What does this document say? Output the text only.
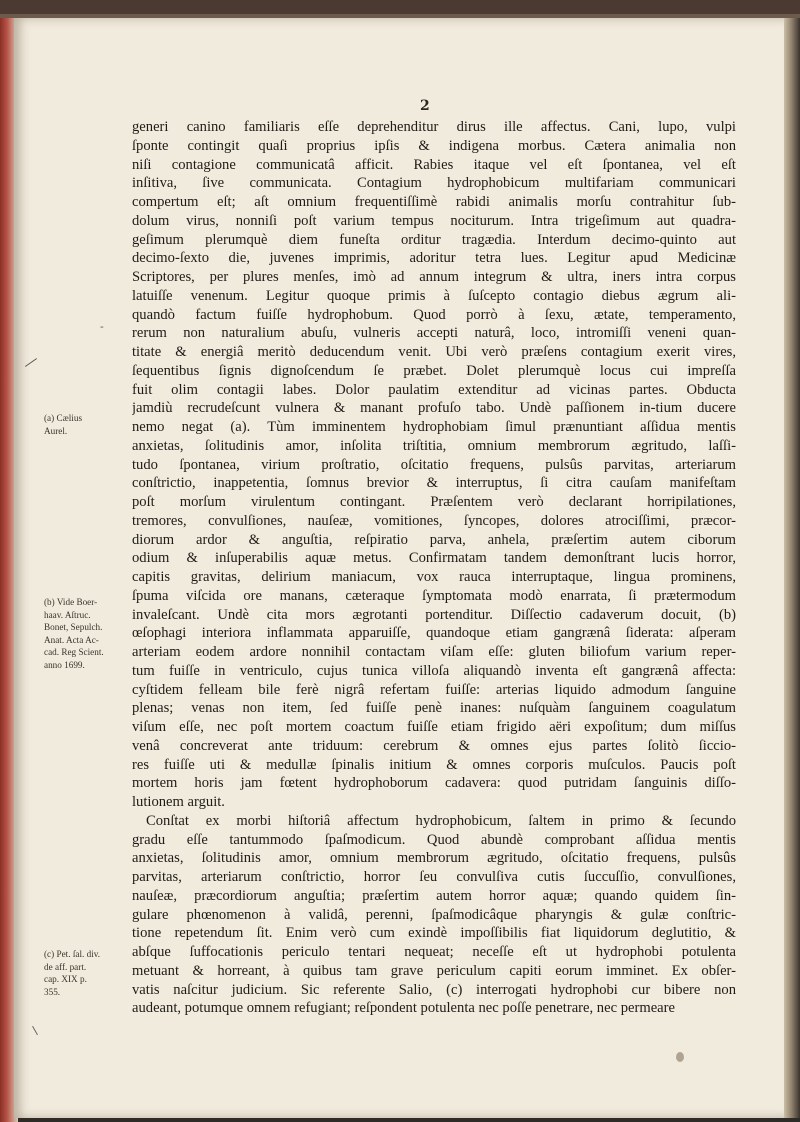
2
generi canino familiaris eſſe deprehenditur dirus ille affectus. Cani, lupo, vulpi
ſponte contingit quaſi proprius ipſis & indigena morbus. Cætera animalia non
niſi contagione communicatâ afficit. Rabies itaque vel eſt ſpontanea, vel eſt
inſitiva, ſive communicata. Contagium hydrophobicum multifariam communicari
compertum eſt; aſt omnium frequentiſſimè rabidi animalis morſu contrahitur ſub-
dolum virus, nonniſi poſt varium tempus nociturum. Intra trigeſimum aut quadra-
geſimum plerumquè diem funeſta orditur tragædia. Interdum decimo-quinto aut
decimo-ſexto die, juvenes imprimis, adoritur tetra lues. Legitur apud Medicinæ
Scriptores, per plures menſes, imò ad annum integrum & ultra, iners intra corpus
latuiſſe venenum. Legitur quoque primis à ſuſcepto contagio diebus ægrum ali-
quandò factum fuiſſe hydrophobum. Quod porrò à ſexu, ætate, temperamento,
rerum non naturalium abuſu, vulneris accepti naturâ, loco, intromiſſi veneni quan-
titate & energiâ meritò deducendum venit. Ubi verò præſens contagium exerit vires,
ſequentibus ſignis dignoſcendum ſe præbet. Dolet plerumquè locus cui impreſſa
fuit olim contagii labes. Dolor paulatim extenditur ad vicinas partes. Obducta
jamdiù recrudeſcunt vulnera & manant profuſo tabo. Undè paſſionem in-tium ducere
nemo negat (a). Tùm imminentem hydrophobiam ſimul prænuntiant aſſidua mentis
anxietas, ſolitudinis amor, inſolita triſtitia, omnium membrorum ægritudo, laſſi-
tudo ſpontanea, virium proſtratio, oſcitatio frequens, pulsûs parvitas, arteriarum
conſtrictio, inappetentia, ſomnus brevior & interruptus, ſi citra cauſam manifeſtam
poſt morſum virulentum contingant. Præſentem verò declarant horripilationes,
tremores, convulſiones, nauſeæ, vomitiones, ſyncopes, dolores atrociſſimi, præcor-
diorum ardor & anguſtia, reſpiratio parva, anhela, præſertim autem ciborum
odium & inſuperabilis aquæ metus. Confirmatam tandem demonſtrant lucis horror,
capitis gravitas, delirium maniacum, vox rauca interruptaque, lingua prominens,
ſpuma viſcida ore manans, cæteraque ſymptomata modò enarrata, ſi prætermodum
invaleſcant. Undè cita mors ægrotanti portenditur. Diſſectio cadaverum docuit, (b)
œſophagi interiora inflammata apparuiſſe, quandoque etiam gangrænâ ſiderata: aſperam
arteriam eodem ardore nonnihil contactam viſam eſſe: gluten biliofum varium reper-
tum fuiſſe in ventriculo, cujus tunica villoſa aliquandò inventa eſt gangrænâ affecta:
cyſtidem felleam bile ferè nigrâ refertam fuiſſe: arterias liquido admodum ſanguine
plenas; venas non item, ſed fuiſſe penè inanes: nuſquàm ſanguinem coagulatum
viſum eſſe, nec poſt mortem coactum fuiſſe etiam frigido aëri expoſitum; dum miſſus
venâ concreverat ante triduum: cerebrum & omnes ejus partes ſolitò ſiccio-
res fuiſſe uti & medullæ ſpinalis initium & omnes corporis muſculos. Paucis poſt
mortem horis jam fœtent hydrophoborum cadavera: quod putridam ſanguinis diſſo-
lutionem arguit.
Conſtat ex morbi hiſtoriâ affectum hydrophobicum, ſaltem in primo & ſecundo
gradu eſſe tantummodo ſpaſmodicum. Quod abundè comprobant aſſidua mentis
anxietas, ſolitudinis amor, omnium membrorum ægritudo, oſcitatio frequens, pulsûs
parvitas, arteriarum conſtrictio, horror ſeu convulſiva cutis ſuccuſſio, convulſiones,
nauſeæ, præcordiorum anguſtia; præſertim autem horror aquæ; quando quidem ſin-
gulare phœnomenon à validâ, perenni, ſpaſmodicâque pharyngis & gulæ conſtric-
tione repetendum ſit. Enim verò cum exindè impoſſibilis fiat liquidorum deglutitio, &
abſque ſuffocationis periculo tentari nequeat; neceſſe eſt ut hydrophobi potulenta
metuant & horreant, à quibus tam grave periculum capiti eorum imminet. Ex obſer-
vatis naſcitur judicium. Sic referente Salio, (c) interrogati hydrophobi cur bibere non
audeant, potumque omnem refugiant; reſpondent potulenta nec poſſe penetrare, nec permeare
(a) Cælius
Aurel.
(b) Vide Boer-
haav. Aſtruc.
Bonet, Sepulch.
Anat. Acta Ac-
cad. Reg Scient.
anno 1699.
(c) Pet. ſal. div.
de aff. part.
cap. XIX p.
355.
-
